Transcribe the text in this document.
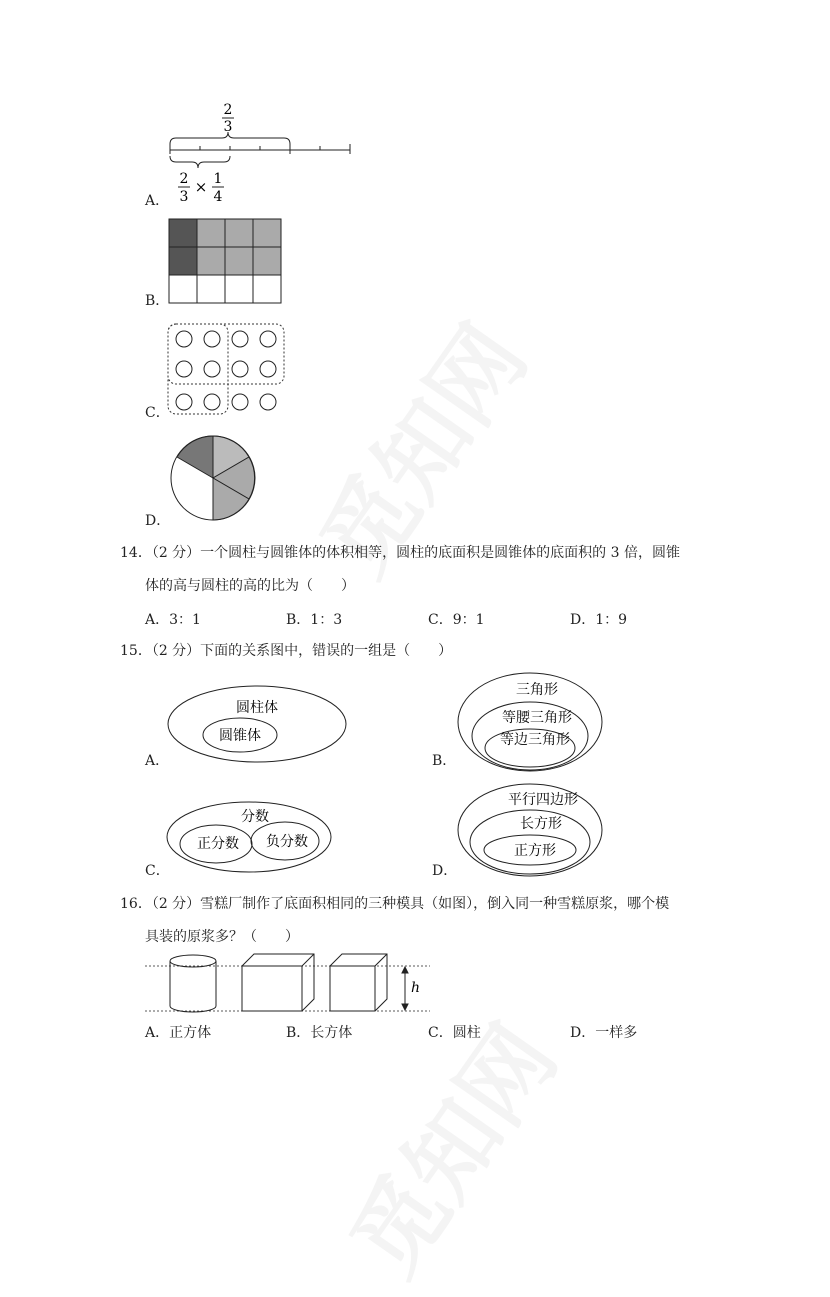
2
3
2
3
× 1
4
A．
B．
C．
D．
14．（2 分）一个圆柱与圆锥体的体积相等，圆柱的底面积是圆锥体的底面积的 3 倍，圆锥
体的高与圆柱的高的比为（　　）
A．3：1	B．1：3	C．9：1	D．1：9
15．（2 分）下面的关系图中，错误的一组是（　　）
圆柱体
圆锥体
A．
三角形
等腰三角形
等边三角形
B．
分数
正分数 负分数
C．
平行四边形
长方形
正方形
D．
16．（2 分）雪糕厂制作了底面积相同的三种模具（如图），倒入同一种雪糕原浆，哪个模
具装的原浆多？（　　）
h
A．正方体	B．长方体	C．圆柱	D．一样多
